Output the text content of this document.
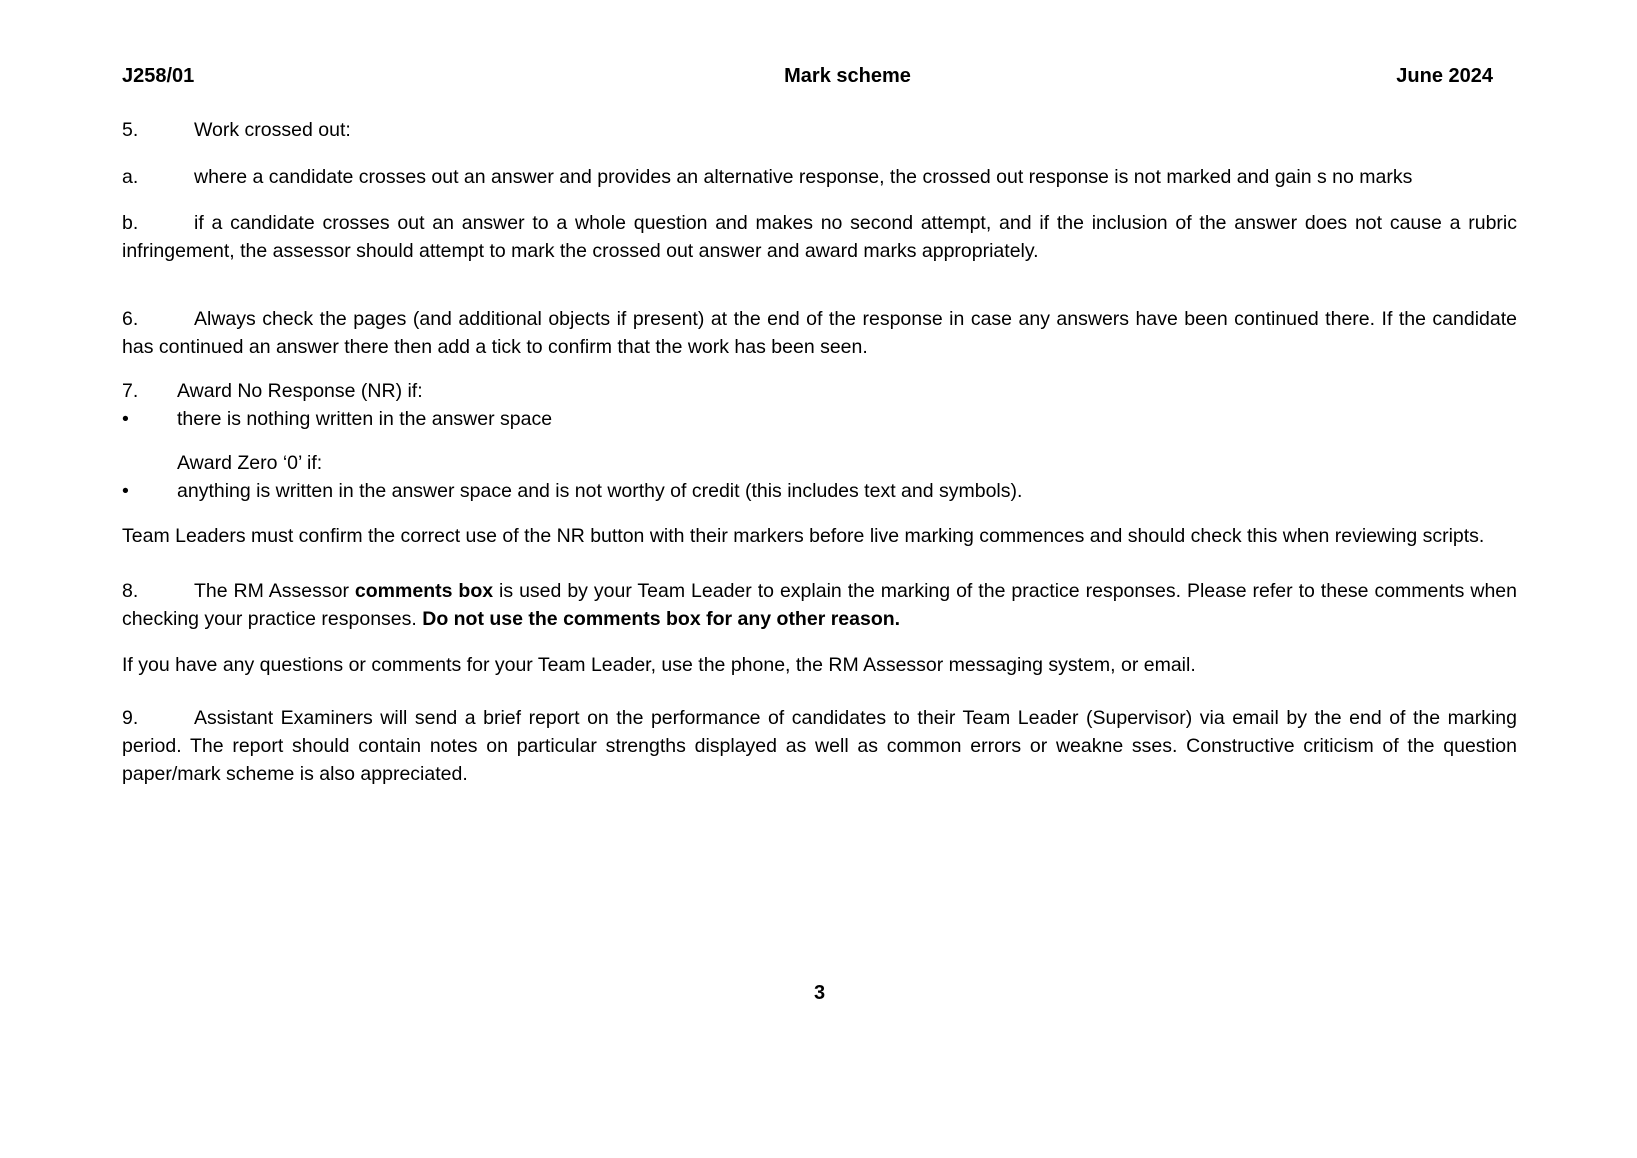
J258/01	Mark scheme	June 2024

5.	Work crossed out:

a.	where a candidate crosses out an answer and provides an alternative response, the crossed out response is not marked and gain s no marks

b.	if a candidate crosses out an answer to a whole question and makes no second attempt, and if the inclusion of the answer does not cause a rubric infringement, the assessor should attempt to mark the crossed out answer and award marks appropriately.

6.	Always check the pages (and additional objects if present) at the end of the response in case any answers have been continued there. If the candidate has continued an answer there then add a tick to confirm that the work has been seen.

7. Award No Response (NR) if:

• there is nothing written in the answer space

Award Zero ‘0’ if:

• anything is written in the answer space and is not worthy of credit (this includes text and symbols).

Team Leaders must confirm the correct use of the NR button with their markers before live marking commences and should check this when reviewing scripts.

8.	The RM Assessor comments box is used by your Team Leader to explain the marking of the practice responses. Please refer to these comments when checking your practice responses. Do not use the comments box for any other reason.

If you have any questions or comments for your Team Leader, use the phone, the RM Assessor messaging system, or email.

9.	Assistant Examiners will send a brief report on the performance of candidates to their Team Leader (Supervisor) via email by the end of the marking period. The report should contain notes on particular strengths displayed as well as common errors or weakne sses. Constructive criticism of the question paper/mark scheme is also appreciated.

3
